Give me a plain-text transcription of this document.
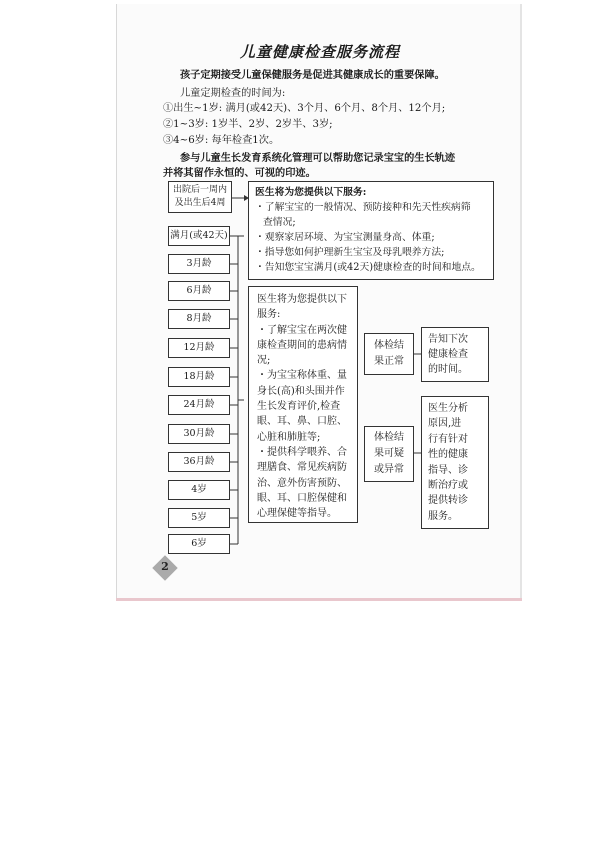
儿童健康检查服务流程
孩子定期接受儿童保健服务是促进其健康成长的重要保障。
儿童定期检查的时间为:
①出生~1岁: 满月(或42天)、3个月、6个月、8个月、12个月;
②1~3岁: 1岁半、2岁、2岁半、3岁;
③4~6岁: 每年检查1次。
参与儿童生长发育系统化管理可以帮助您记录宝宝的生长轨迹
并将其留作永恒的、可视的印迹。
出院后一周内
及出生后4周
满月(或42天)
3月龄
6月龄
8月龄
12月龄
18月龄
24月龄
30月龄
36月龄
4岁
5岁
6岁
医生将为您提供以下服务:
・了解宝宝的一般情况、预防接种和先天性疾病筛
查情况;
・观察家居环境、为宝宝测量身高、体重;
・指导您如何护理新生宝宝及母乳喂养方法;
・告知您宝宝满月(或42天)健康检查的时间和地点。
医生将为您提供以下
服务:
・了解宝宝在两次健
康检查期间的患病情
况;
・为宝宝称体重、量
身长(高)和头围并作
生长发育评价,检查
眼、耳、鼻、口腔、
心脏和肺脏等;
・提供科学喂养、合
理膳食、常见疾病防
治、意外伤害预防、
眼、耳、口腔保健和
心理保健等指导。
体检结
果正常
告知下次
健康检查
的时间。
体检结
果可疑
或异常
医生分析
原因,进
行有针对
性的健康
指导、诊
断治疗或
提供转诊
服务。
2
